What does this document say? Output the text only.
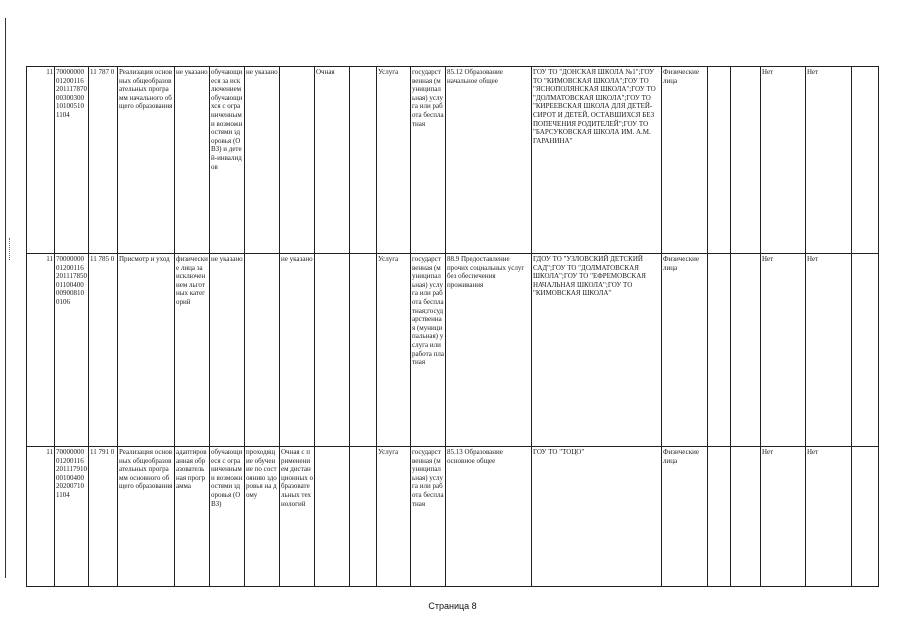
11	700000000120011620111787000300300101005101104	11 787 0	Реализация основных общеобразовательных программ начального общего образования	не указано	обучающиеся за исключением обучающихся с ограниченными возможностями здоровья (ОВЗ) и детей-инвалидов	не указано		Очная		Услуга	государственная (муниципальная) услуга или работа бесплатная	85.12 Образование начальное общее	ГОУ ТО "ДОНСКАЯ ШКОЛА №1";ГОУ ТО "КИМОВСКАЯ ШКОЛА";ГОУ ТО "ЯСНОПОЛЯНСКАЯ ШКОЛА";ГОУ ТО "ДОЛМАТОВСКАЯ ШКОЛА";ГОУ ТО "КИРЕЕВСКАЯ ШКОЛА ДЛЯ ДЕТЕЙ-СИРОТ И ДЕТЕЙ, ОСТАВШИХСЯ БЕЗ ПОПЕЧЕНИЯ РОДИТЕЛЕЙ";ГОУ ТО "БАРСУКОВСКАЯ ШКОЛА ИМ. А.М. ГАРАНИНА"	Физические лица			Нет	Нет	
11	700000000120011620111785001100400009008100106	11 785 0	Присмотр и уход	физические лица за исключением льготных категорий	не указано		не указано			Услуга	государственная (муниципальная) услуга или работа бесплатная;государственная (муниципальная) услуга или работа платная	88.9 Предоставление прочих социальных услуг без обеспечения проживания	ГДОУ ТО "УЗЛОВСКИЙ ДЕТСКИЙ САД";ГОУ ТО "ДОЛМАТОВСКАЯ ШКОЛА";ГОУ ТО "ЕФРЕМОВСКАЯ НАЧАЛЬНАЯ ШКОЛА";ГОУ ТО "КИМОВСКАЯ ШКОЛА"	Физические лица			Нет	Нет	
11	700000000120011620111791000100400202007101104	11 791 0	Реализация основных общеобразовательных программ основного общего образования	адаптированная образовательная программа	обучающиеся с ограниченными возможностями здоровья (ОВЗ)	проходящие обучение по состоянию здоровья на дому	Очная с применением дистанционных образовательных технологий			Услуга	государственная (муниципальная) услуга или работа бесплатная	85.13 Образование основное общее	ГОУ ТО "ТОЦО"	Физические лица			Нет	Нет	
Страница 8
